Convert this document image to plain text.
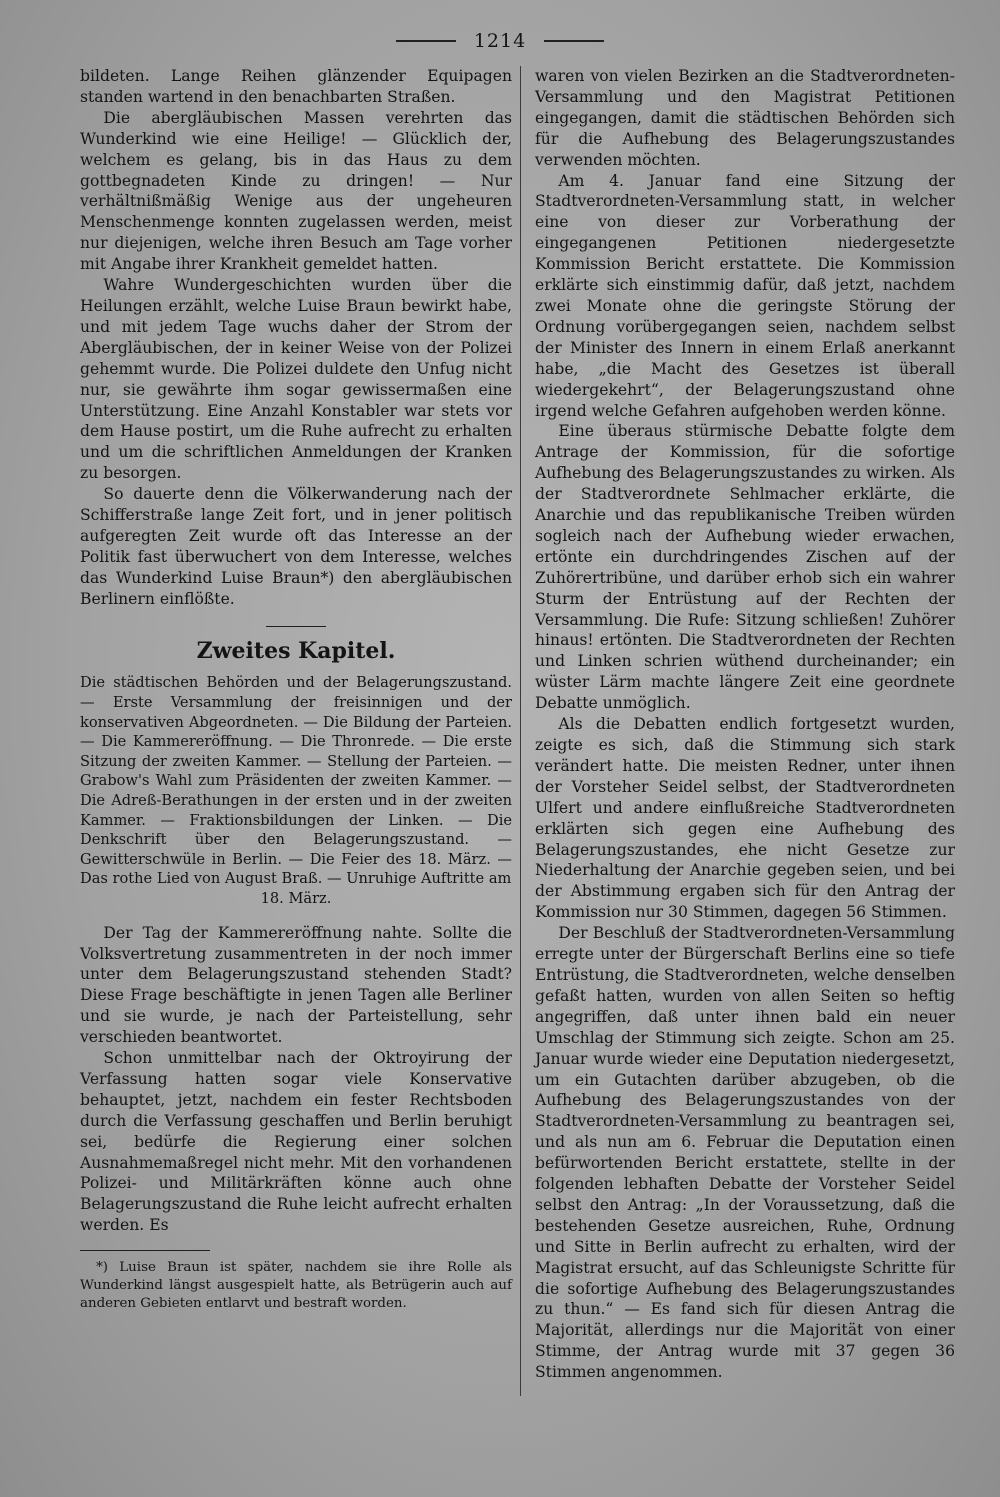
1214

bildeten. Lange Reihen glänzender Equipagen standen wartend in den benachbarten Straßen.

Die abergläubischen Massen verehrten das Wunderkind wie eine Heilige! — Glücklich der, welchem es gelang, bis in das Haus zu dem gottbegnadeten Kinde zu dringen! — Nur verhältnißmäßig Wenige aus der ungeheuren Menschenmenge konnten zugelassen werden, meist nur diejenigen, welche ihren Besuch am Tage vorher mit Angabe ihrer Krankheit gemeldet hatten.

Wahre Wundergeschichten wurden über die Heilungen erzählt, welche Luise Braun bewirkt habe, und mit jedem Tage wuchs daher der Strom der Abergläubischen, der in keiner Weise von der Polizei gehemmt wurde. Die Polizei duldete den Unfug nicht nur, sie gewährte ihm sogar gewissermaßen eine Unterstützung. Eine Anzahl Konstabler war stets vor dem Hause postirt, um die Ruhe aufrecht zu erhalten und um die schriftlichen Anmeldungen der Kranken zu besorgen.

So dauerte denn die Völkerwanderung nach der Schifferstraße lange Zeit fort, und in jener politisch aufgeregten Zeit wurde oft das Interesse an der Politik fast überwuchert von dem Interesse, welches das Wunderkind Luise Braun*) den abergläubischen Berlinern einflößte.

Zweites Kapitel.

Die städtischen Behörden und der Belagerungszustand. — Erste Versammlung der freisinnigen und der konservativen Abgeordneten. — Die Bildung der Parteien. — Die Kammereröffnung. — Die Thronrede. — Die erste Sitzung der zweiten Kammer. — Stellung der Parteien. — Grabow's Wahl zum Präsidenten der zweiten Kammer. — Die Adreß-Berathungen in der ersten und in der zweiten Kammer. — Fraktionsbildungen der Linken. — Die Denkschrift über den Belagerungszustand. — Gewitterschwüle in Berlin. — Die Feier des 18. März. — Das rothe Lied von August Braß. — Unruhige Auftritte am

18. März.

Der Tag der Kammereröffnung nahte. Sollte die Volksvertretung zusammentreten in der noch immer unter dem Belagerungszustand stehenden Stadt? Diese Frage beschäftigte in jenen Tagen alle Berliner und sie wurde, je nach der Parteistellung, sehr verschieden beantwortet.

Schon unmittelbar nach der Oktroyirung der Verfassung hatten sogar viele Konservative behauptet, jetzt, nachdem ein fester Rechtsboden durch die Verfassung geschaffen und Berlin beruhigt sei, bedürfe die Regierung einer solchen Ausnahmemaßregel nicht mehr. Mit den vorhandenen Polizei- und Militärkräften könne auch ohne Belagerungszustand die Ruhe leicht aufrecht erhalten werden. Es

*) Luise Braun ist später, nachdem sie ihre Rolle als Wunderkind längst ausgespielt hatte, als Betrügerin auch auf anderen Gebieten entlarvt und bestraft worden.

waren von vielen Bezirken an die Stadtverordneten-Versammlung und den Magistrat Petitionen eingegangen, damit die städtischen Behörden sich für die Aufhebung des Belagerungszustandes verwenden möchten.

Am 4. Januar fand eine Sitzung der Stadtverordneten-Versammlung statt, in welcher eine von dieser zur Vorberathung der eingegangenen Petitionen niedergesetzte Kommission Bericht erstattete. Die Kommission erklärte sich einstimmig dafür, daß jetzt, nachdem zwei Monate ohne die geringste Störung der Ordnung vorübergegangen seien, nachdem selbst der Minister des Innern in einem Erlaß anerkannt habe, „die Macht des Gesetzes ist überall wiedergekehrt“, der Belagerungszustand ohne irgend welche Gefahren aufgehoben werden könne.

Eine überaus stürmische Debatte folgte dem Antrage der Kommission, für die sofortige Aufhebung des Belagerungszustandes zu wirken. Als der Stadtverordnete Sehlmacher erklärte, die Anarchie und das republikanische Treiben würden sogleich nach der Aufhebung wieder erwachen, ertönte ein durchdringendes Zischen auf der Zuhörertribüne, und darüber erhob sich ein wahrer Sturm der Entrüstung auf der Rechten der Versammlung. Die Rufe: Sitzung schließen! Zuhörer hinaus! ertönten. Die Stadtverordneten der Rechten und Linken schrien wüthend durcheinander; ein wüster Lärm machte längere Zeit eine geordnete Debatte unmöglich.

Als die Debatten endlich fortgesetzt wurden, zeigte es sich, daß die Stimmung sich stark verändert hatte. Die meisten Redner, unter ihnen der Vorsteher Seidel selbst, der Stadtverordneten Ulfert und andere einflußreiche Stadtverordneten erklärten sich gegen eine Aufhebung des Belagerungszustandes, ehe nicht Gesetze zur Niederhaltung der Anarchie gegeben seien, und bei der Abstimmung ergaben sich für den Antrag der Kommission nur 30 Stimmen, dagegen 56 Stimmen.

Der Beschluß der Stadtverordneten-Versammlung erregte unter der Bürgerschaft Berlins eine so tiefe Entrüstung, die Stadtverordneten, welche denselben gefaßt hatten, wurden von allen Seiten so heftig angegriffen, daß unter ihnen bald ein neuer Umschlag der Stimmung sich zeigte. Schon am 25. Januar wurde wieder eine Deputation niedergesetzt, um ein Gutachten darüber abzugeben, ob die Aufhebung des Belagerungszustandes von der Stadtverordneten-Versammlung zu beantragen sei, und als nun am 6. Februar die Deputation einen befürwortenden Bericht erstattete, stellte in der folgenden lebhaften Debatte der Vorsteher Seidel selbst den Antrag: „In der Voraussetzung, daß die bestehenden Gesetze ausreichen, Ruhe, Ordnung und Sitte in Berlin aufrecht zu erhalten, wird der Magistrat ersucht, auf das Schleunigste Schritte für die sofortige Aufhebung des Belagerungszustandes zu thun.“ — Es fand sich für diesen Antrag die Majorität, allerdings nur die Majorität von einer Stimme, der Antrag wurde mit 37 gegen 36 Stimmen angenommen.
